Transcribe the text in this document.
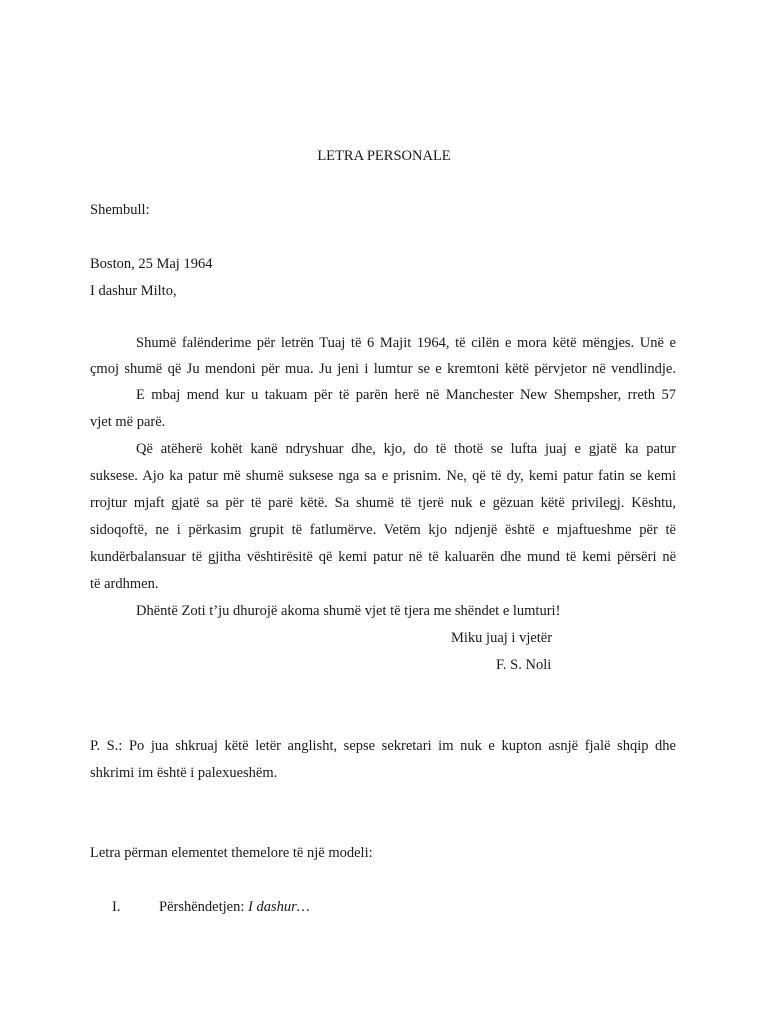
LETRA PERSONALE
Shembull:
Boston, 25 Maj 1964
I dashur Milto,
Shumë falënderime për letrën Tuaj të 6 Majit 1964, të cilën e mora këtë mëngjes. Unë e
çmoj shumë që Ju mendoni për mua. Ju jeni i lumtur se e kremtoni këtë përvjetor në vendlindje.
E mbaj mend kur u takuam për të parën herë në Manchester New Shempsher, rreth 57
vjet më parë.
Që atëherë kohët kanë ndryshuar dhe, kjo, do të thotë se lufta juaj e gjatë ka patur
suksese. Ajo ka patur më shumë suksese nga sa e prisnim. Ne, që të dy, kemi patur fatin se kemi
rrojtur mjaft gjatë sa për të parë këtë. Sa shumë të tjerë nuk e gëzuan këtë privilegj. Kështu,
sidoqoftë, ne i përkasim grupit të fatlumërve. Vetëm kjo ndjenjë është e mjaftueshme për të
kundërbalansuar të gjitha vështirësitë që kemi patur në të kaluarën dhe mund të kemi përsëri në
të ardhmen.
Dhëntë Zoti t’ju dhurojë akoma shumë vjet të tjera me shëndet e lumturi!
Miku juaj i vjetër
F. S. Noli
P. S.: Po jua shkruaj këtë letër anglisht, sepse sekretari im nuk e kupton asnjë fjalë shqip dhe
shkrimi im është i palexueshëm.
Letra përman elementet themelore të një modeli:
I.	Përshëndetjen: I dashur…
